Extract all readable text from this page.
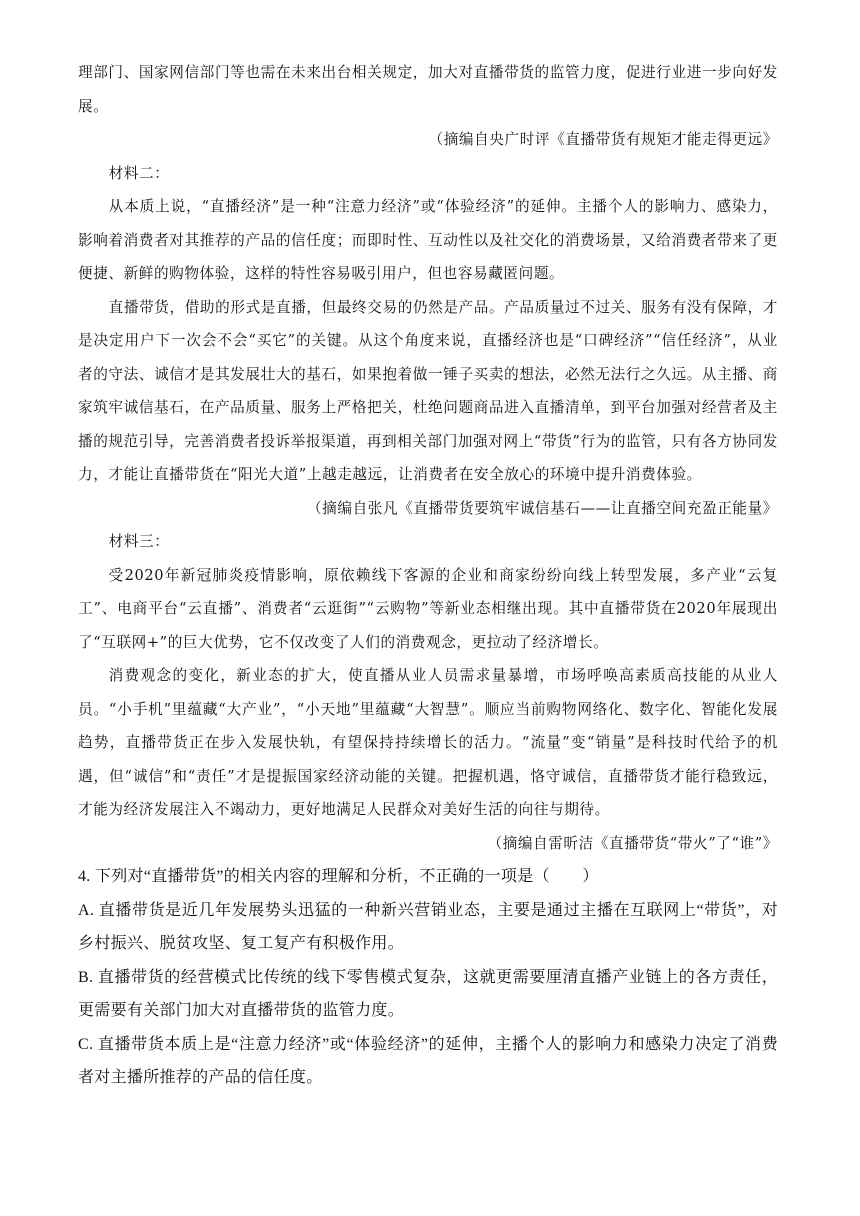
理部门、国家网信部门等也需在未来出台相关规定，加大对直播带货的监管力度，促进行业进一步向好发展。

（摘编自央广时评《直播带货有规矩才能走得更远》

材料二：

从本质上说，“直播经济”是一种“注意力经济”或“体验经济”的延伸。主播个人的影响力、感染力，影响着消费者对其推荐的产品的信任度；而即时性、互动性以及社交化的消费场景，又给消费者带来了更便捷、新鲜的购物体验，这样的特性容易吸引用户，但也容易藏匿问题。

直播带货，借助的形式是直播，但最终交易的仍然是产品。产品质量过不过关、服务有没有保障，才是决定用户下一次会不会“买它”的关键。从这个角度来说，直播经济也是“口碑经济”“信任经济”，从业者的守法、诚信才是其发展壮大的基石，如果抱着做一锤子买卖的想法，必然无法行之久远。从主播、商家筑牢诚信基石，在产品质量、服务上严格把关，杜绝问题商品进入直播清单，到平台加强对经营者及主播的规范引导，完善消费者投诉举报渠道，再到相关部门加强对网上“带货”行为的监管，只有各方协同发力，才能让直播带货在“阳光大道”上越走越远，让消费者在安全放心的环境中提升消费体验。

（摘编自张凡《直播带货要筑牢诚信基石——让直播空间充盈正能量》

材料三：

受2020年新冠肺炎疫情影响，原依赖线下客源的企业和商家纷纷向线上转型发展，多产业“云复工”、电商平台“云直播”、消费者“云逛街”“云购物”等新业态相继出现。其中直播带货在2020年展现出了“互联网+”的巨大优势，它不仅改变了人们的消费观念，更拉动了经济增长。

消费观念的变化，新业态的扩大，使直播从业人员需求量暴增，市场呼唤高素质高技能的从业人员。“小手机”里蕴藏“大产业”，“小天地”里蕴藏“大智慧”。顺应当前购物网络化、数字化、智能化发展趋势，直播带货正在步入发展快轨，有望保持持续增长的活力。“流量”变“销量”是科技时代给予的机遇，但“诚信”和“责任”才是提振国家经济动能的关键。把握机遇，恪守诚信，直播带货才能行稳致远，才能为经济发展注入不竭动力，更好地满足人民群众对美好生活的向往与期待。

（摘编自雷昕洁《直播带货“带火”了“谁”》

4. 下列对“直播带货”的相关内容的理解和分析，不正确的一项是（　　）

A. 直播带货是近几年发展势头迅猛的一种新兴营销业态，主要是通过主播在互联网上“带货”，对乡村振兴、脱贫攻坚、复工复产有积极作用。

B. 直播带货的经营模式比传统的线下零售模式复杂，这就更需要厘清直播产业链上的各方责任，更需要有关部门加大对直播带货的监管力度。

C. 直播带货本质上是“注意力经济”或“体验经济”的延伸，主播个人的影响力和感染力决定了消费者对主播所推荐的产品的信任度。
